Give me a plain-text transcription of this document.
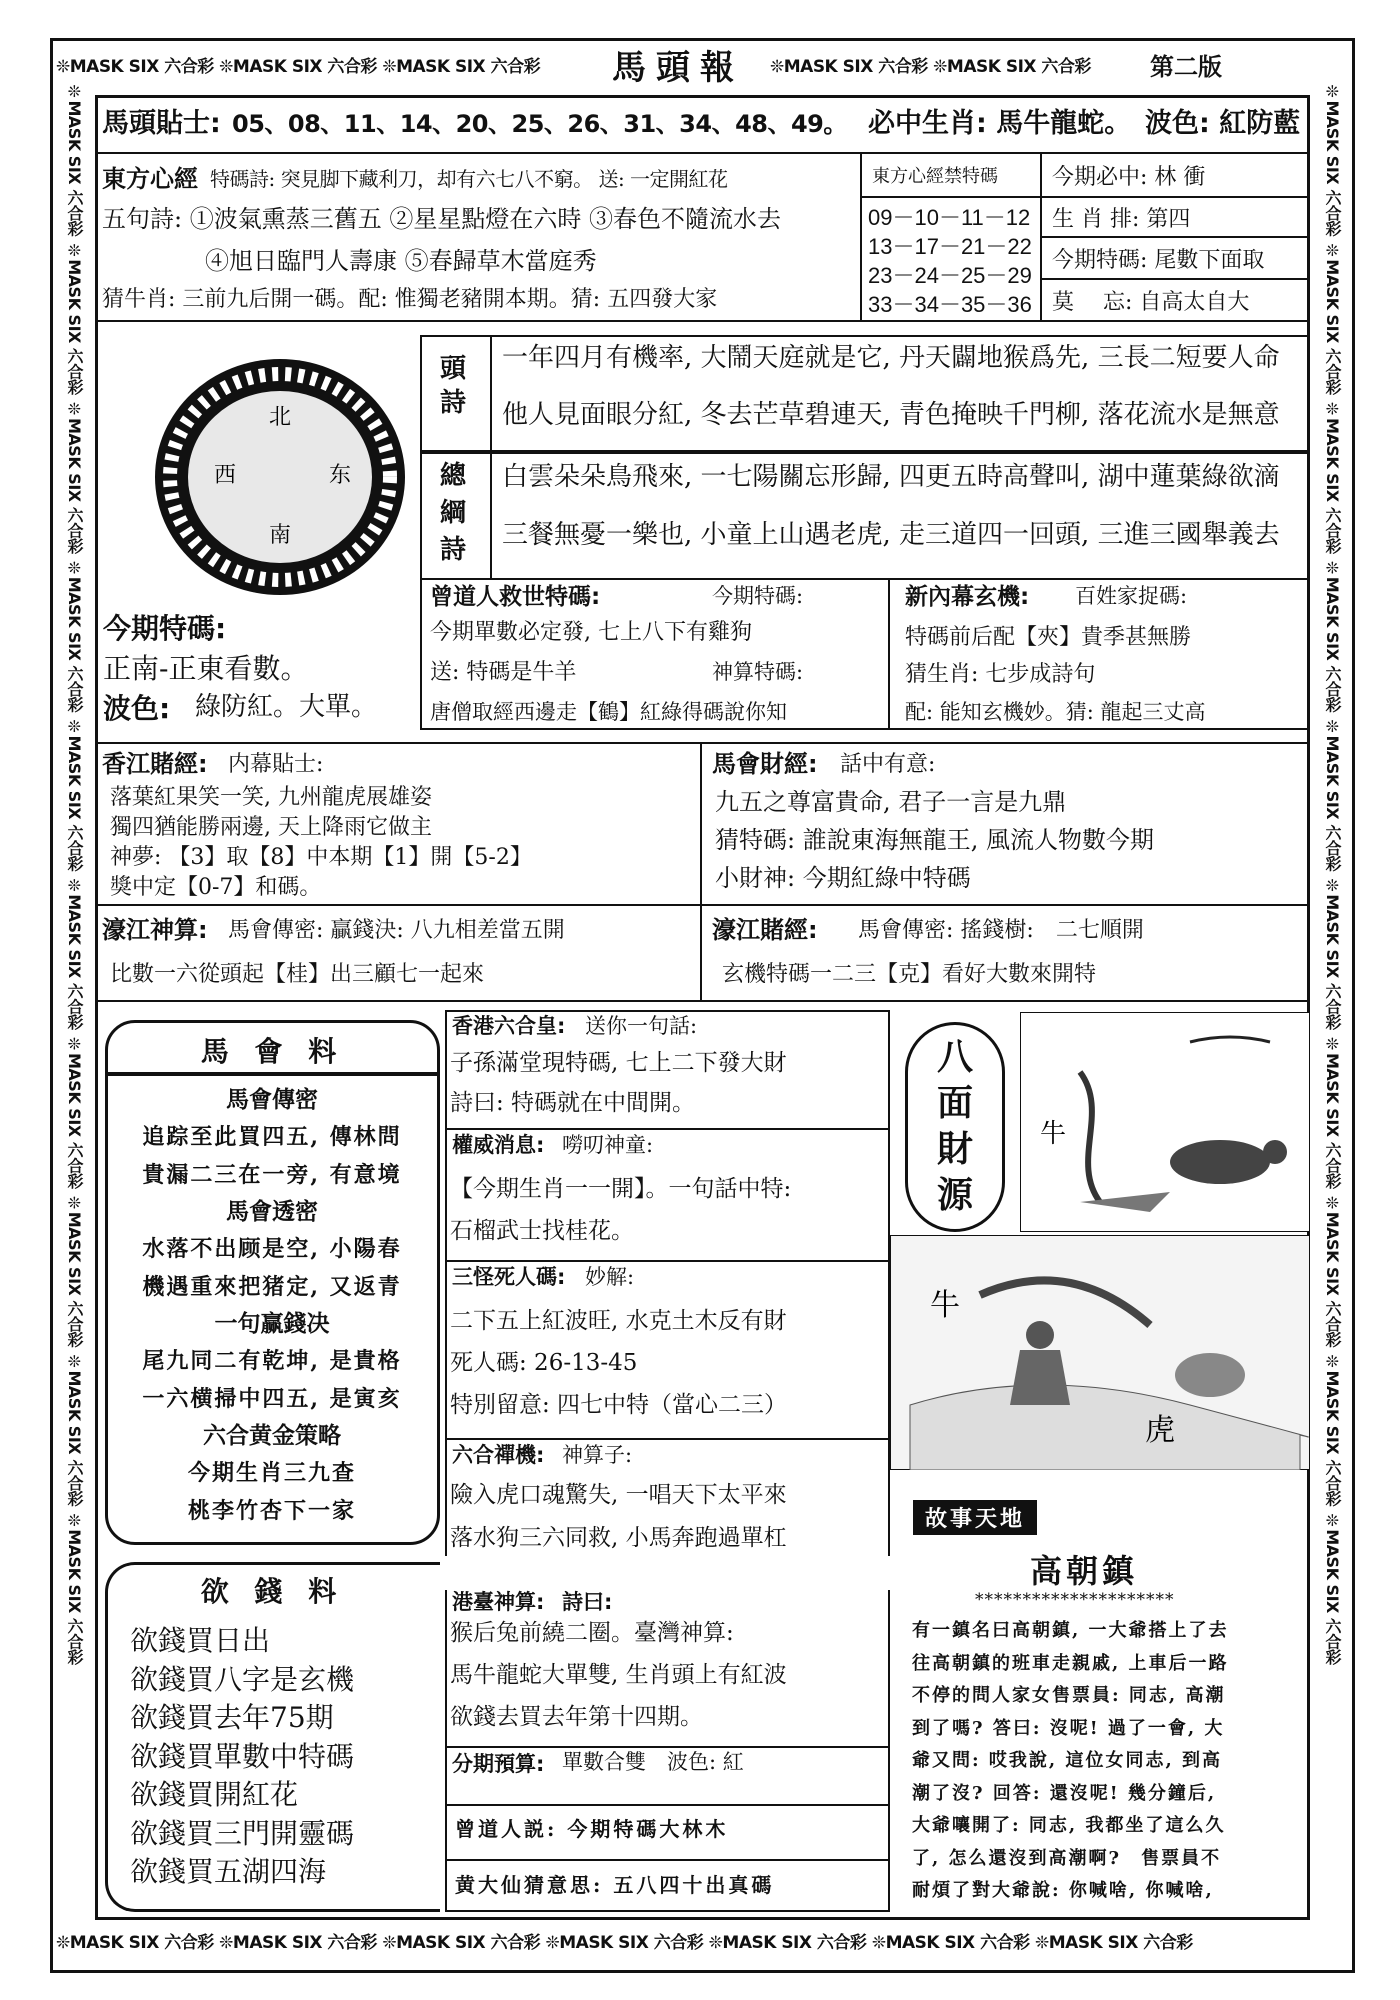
❊MASK SIX 六合彩 ❊MASK SIX 六合彩 ❊MASK SIX 六合彩	馬頭報 ❊MASK SIX 六合彩 ❊MASK SIX 六合彩	第二版
❊MASK SIX 六合彩 ❊MASK SIX 六合彩 ❊MASK SIX 六合彩 ❊MASK SIX 六合彩 ❊MASK SIX 六合彩 ❊MASK SIX 六合彩 ❊MASK SIX 六合彩 ❊MASK SIX 六合彩 ❊MASK SIX 六合彩 ❊MASK SIX 六合彩	❊MASK SIX 六合彩 ❊MASK SIX 六合彩 ❊MASK SIX 六合彩 ❊MASK SIX 六合彩 ❊MASK SIX 六合彩 ❊MASK SIX 六合彩 ❊MASK SIX 六合彩 ❊MASK SIX 六合彩 ❊MASK SIX 六合彩 ❊MASK SIX 六合彩
❊MASK SIX 六合彩 ❊MASK SIX 六合彩 ❊MASK SIX 六合彩 ❊MASK SIX 六合彩 ❊MASK SIX 六合彩 ❊MASK SIX 六合彩 ❊MASK SIX 六合彩
馬頭貼士: 05、08、11、14、20、25、26、31、34、48、49。 必中生肖: 馬牛龍蛇。 波色: 紅防藍
東方心經 特碼詩: 突見脚下藏利刀，却有六七八不窮。 送: 一定開紅花
五句詩: ①波氣熏蒸三舊五 ②星星點燈在六時 ③春色不隨流水去
④旭日臨門人壽康 ⑤春歸草木當庭秀
猜牛肖: 三前九后開一碼。配: 惟獨老豬開本期。猜: 五四發大家
東方心經禁特碼
09－10－11－12
13－17－21－22
23－24－25－29
33－34－35－36
今期必中: 林 衝
生 肖 排: 第四
今期特碼: 尾數下面取
莫　 忘: 自高太自大
北
西	东
南
頭詩
一年四月有機率, 大鬧天庭就是它, 丹天闢地猴爲先, 三長二短要人命
他人見面眼分紅, 冬去芒草碧連天, 青色掩映千門柳, 落花流水是無意
總綱詩
白雲朵朵鳥飛來, 一七陽關忘形歸, 四更五時高聲叫, 湖中蓮葉綠欲滴
三餐無憂一樂也, 小童上山遇老虎, 走三道四一回頭, 三進三國舉義去
今期特碼:
正南-正東看數。
波色: 綠防紅。大單。
曾道人救世特碼:	今期特碼:
今期單數必定發, 七上八下有雞狗
送: 特碼是牛羊	神算特碼:
唐僧取經西邊走【鶴】紅綠得碼說你知
新內幕玄機: 百姓家捉碼:
特碼前后配【夾】貴季甚無勝
猜生肖: 七步成詩句
配: 能知玄機妙。猜: 龍起三丈高
香江賭經: 内幕貼士:
落葉紅果笑一笑, 九州龍虎展雄姿
獨四猶能勝兩邊, 天上降雨它做主
神夢: 【3】取【8】中本期【1】開【5-2】
獎中定【0-7】和碼。
馬會財經: 話中有意:
九五之尊富貴命, 君子一言是九鼎
猜特碼: 誰說東海無龍王, 風流人物數今期
小財神: 今期紅綠中特碼
濠江神算: 馬會傳密: 贏錢決: 八九相差當五開
比數一六從頭起【桂】出三顧七一起來
濠江賭經: 馬會傳密: 搖錢樹:　二七順開
玄機特碼一二三【克】看好大數來開特
馬 會 料
馬會傳密
追踪至此買四五, 傳林問
貴漏二三在一旁, 有意境
馬會透密
水落不出顾是空, 小陽春
機遇重來把猪定, 又返青
一句赢錢决
尾九同二有乾坤, 是貴格
一六横掃中四五, 是寅亥
六合黄金策略
今期生肖三九查
桃李竹杏下一家
欲 錢 料
欲錢買日出
欲錢買八字是玄機
欲錢買去年75期
欲錢買單數中特碼
欲錢買開紅花
欲錢買三門開靈碼
欲錢買五湖四海
香港六合皇: 送你一句話:
子孫滿堂現特碼, 七上二下發大財
詩曰: 特碼就在中間開。
權威消息: 嘮叨神童:
【今期生肖一一開】。一句話中特:
石榴武士找桂花。
三怪死人碼: 妙解:
二下五上紅波旺, 水克土木反有財
死人碼: 26-13-45
特別留意: 四七中特（當心二三）
六合禪機: 神算子:
險入虎口魂驚失, 一唱天下太平來
落水狗三六同救, 小馬奔跑過單杠
港臺神算: 詩曰:
猴后兔前繞二圈。臺灣神算:
馬牛龍蛇大單雙, 生肖頭上有紅波
欲錢去買去年第十四期。
分期預算: 單數合雙　波色: 紅
曾道人説: 今期特碼大林木
黄大仙猜意思: 五八四十出真碼
八面財源
牛
牛
虎
故事天地
高朝鎮
*********************
有一鎮名曰高朝鎮, 一大爺搭上了去
往高朝鎮的班車走親戚, 上車后一路
不停的問人家女售票員: 同志, 高潮
到了嗎? 答曰: 沒呢! 過了一會, 大
爺又問: 哎我說, 這位女同志, 到高
潮了沒? 回答: 還沒呢! 幾分鐘后,
大爺嚷開了: 同志, 我都坐了這么久
了, 怎么還沒到高潮啊?　售票員不
耐煩了對大爺說: 你喊啥, 你喊啥,
